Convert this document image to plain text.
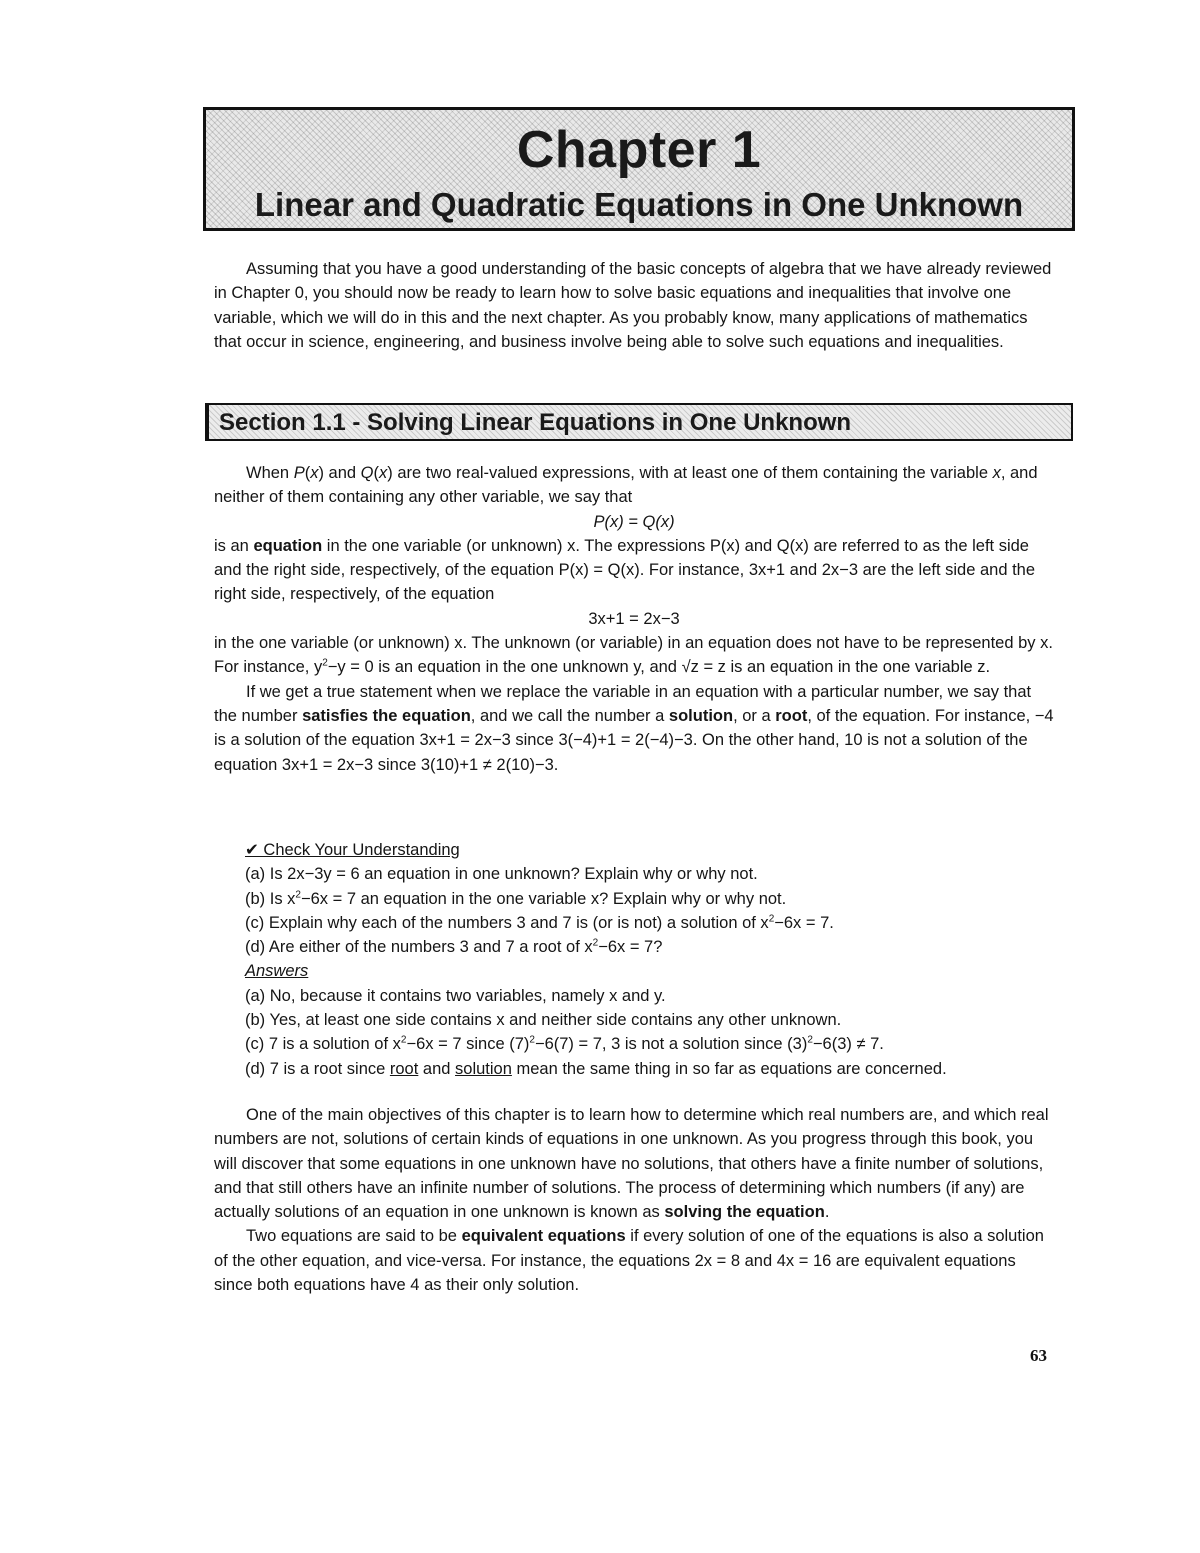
Chapter 1
Linear and Quadratic Equations in One Unknown

Assuming that you have a good understanding of the basic concepts of algebra that we have already reviewed in Chapter 0, you should now be ready to learn how to solve basic equations and inequalities that involve one variable, which we will do in this and the next chapter. As you probably know, many applications of mathematics that occur in science, engineering, and business involve being able to solve such equations and inequalities.

Section 1.1 - Solving Linear Equations in One Unknown

When P(x) and Q(x) are two real-valued expressions, with at least one of them containing the variable x, and neither of them containing any other variable, we say that

P(x) = Q(x)

is an equation in the one variable (or unknown) x. The expressions P(x) and Q(x) are referred to as the left side and the right side, respectively, of the equation P(x) = Q(x). For instance, 3x+1 and 2x−3 are the left side and the right side, respectively, of the equation

3x+1 = 2x−3

in the one variable (or unknown) x. The unknown (or variable) in an equation does not have to be represented by x. For instance, $y^2-y = 0$ is an equation in the one unknown y, and √z = z is an equation in the one variable z.

If we get a true statement when we replace the variable in an equation with a particular number, we say that the number satisfies the equation, and we call the number a solution, or a root, of the equation. For instance, −4 is a solution of the equation 3x+1 = 2x−3 since 3(−4)+1 = 2(−4)−3. On the other hand, 10 is not a solution of the equation 3x+1 = 2x−3 since 3(10)+1 ≠ 2(10)−3.

✔ Check Your Understanding

(a) Is 2x−3y = 6 an equation in one unknown? Explain why or why not.

(b) Is $x^2-6x = 7$ an equation in the one variable x? Explain why or why not.

(c) Explain why each of the numbers 3 and 7 is (or is not) a solution of $x^2-6x = 7$.

(d) Are either of the numbers 3 and 7 a root of $x^2-6x = 7$?

Answers

(a) No, because it contains two variables, namely x and y.

(b) Yes, at least one side contains x and neither side contains any other unknown.

(c) 7 is a solution of $x^2-6x = 7$ since $(7)^2-6(7) = 7$, 3 is not a solution since $(3)^2-6(3) \ne 7$.

(d) 7 is a root since root and solution mean the same thing in so far as equations are concerned.

One of the main objectives of this chapter is to learn how to determine which real numbers are, and which real numbers are not, solutions of certain kinds of equations in one unknown. As you progress through this book, you will discover that some equations in one unknown have no solutions, that others have a finite number of solutions, and that still others have an infinite number of solutions. The process of determining which numbers (if any) are actually solutions of an equation in one unknown is known as solving the equation.

Two equations are said to be equivalent equations if every solution of one of the equations is also a solution of the other equation, and vice-versa. For instance, the equations 2x = 8 and 4x = 16 are equivalent equations since both equations have 4 as their only solution.

63
